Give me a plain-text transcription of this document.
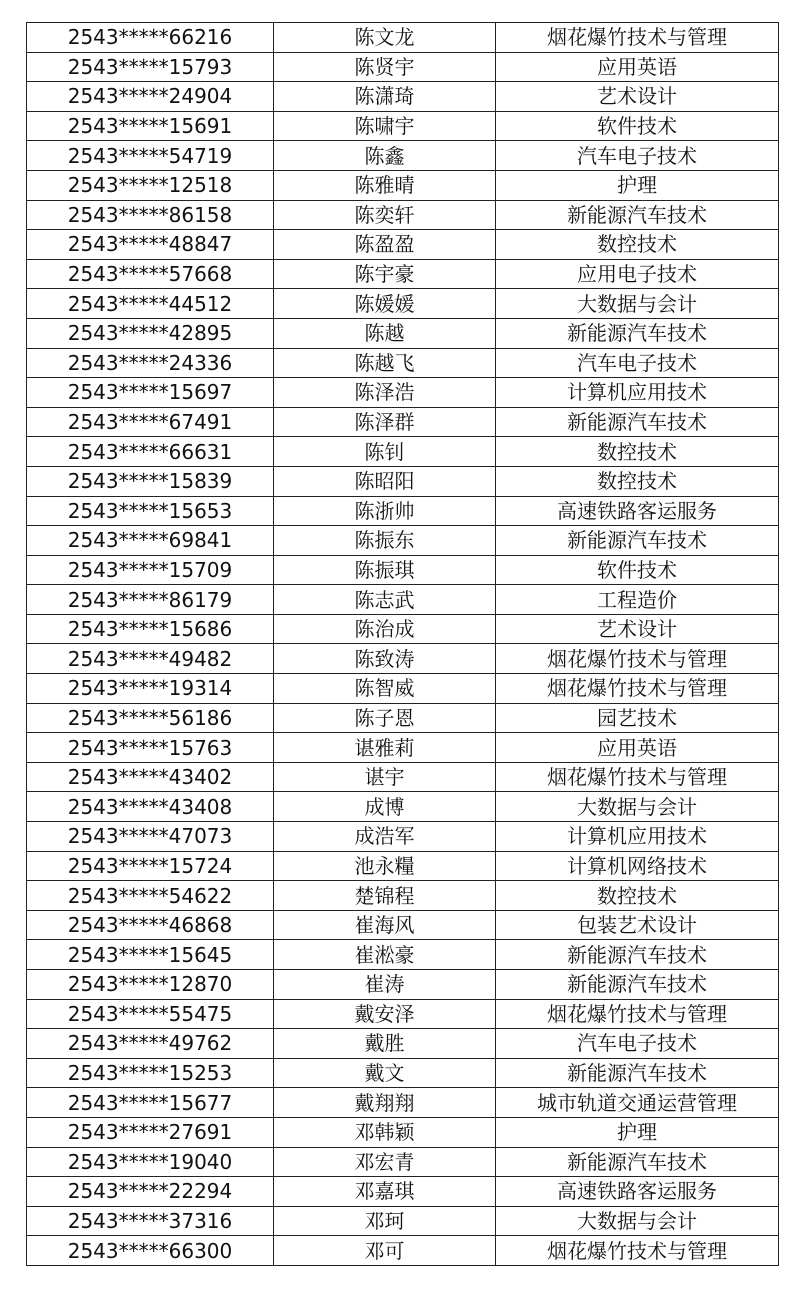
2543*****66216	陈文龙	烟花爆竹技术与管理
2543*****15793	陈贤宇	应用英语
2543*****24904	陈潇琦	艺术设计
2543*****15691	陈啸宇	软件技术
2543*****54719	陈鑫	汽车电子技术
2543*****12518	陈雅晴	护理
2543*****86158	陈奕轩	新能源汽车技术
2543*****48847	陈盈盈	数控技术
2543*****57668	陈宇豪	应用电子技术
2543*****44512	陈媛媛	大数据与会计
2543*****42895	陈越	新能源汽车技术
2543*****24336	陈越飞	汽车电子技术
2543*****15697	陈泽浩	计算机应用技术
2543*****67491	陈泽群	新能源汽车技术
2543*****66631	陈钊	数控技术
2543*****15839	陈昭阳	数控技术
2543*****15653	陈浙帅	高速铁路客运服务
2543*****69841	陈振东	新能源汽车技术
2543*****15709	陈振琪	软件技术
2543*****86179	陈志武	工程造价
2543*****15686	陈治成	艺术设计
2543*****49482	陈致涛	烟花爆竹技术与管理
2543*****19314	陈智威	烟花爆竹技术与管理
2543*****56186	陈子恩	园艺技术
2543*****15763	谌雅莉	应用英语
2543*****43402	谌宇	烟花爆竹技术与管理
2543*****43408	成博	大数据与会计
2543*****47073	成浩军	计算机应用技术
2543*****15724	池永糧	计算机网络技术
2543*****54622	楚锦程	数控技术
2543*****46868	崔海风	包装艺术设计
2543*****15645	崔淞豪	新能源汽车技术
2543*****12870	崔涛	新能源汽车技术
2543*****55475	戴安泽	烟花爆竹技术与管理
2543*****49762	戴胜	汽车电子技术
2543*****15253	戴文	新能源汽车技术
2543*****15677	戴翔翔	城市轨道交通运营管理
2543*****27691	邓韩颖	护理
2543*****19040	邓宏青	新能源汽车技术
2543*****22294	邓嘉琪	高速铁路客运服务
2543*****37316	邓珂	大数据与会计
2543*****66300	邓可	烟花爆竹技术与管理
